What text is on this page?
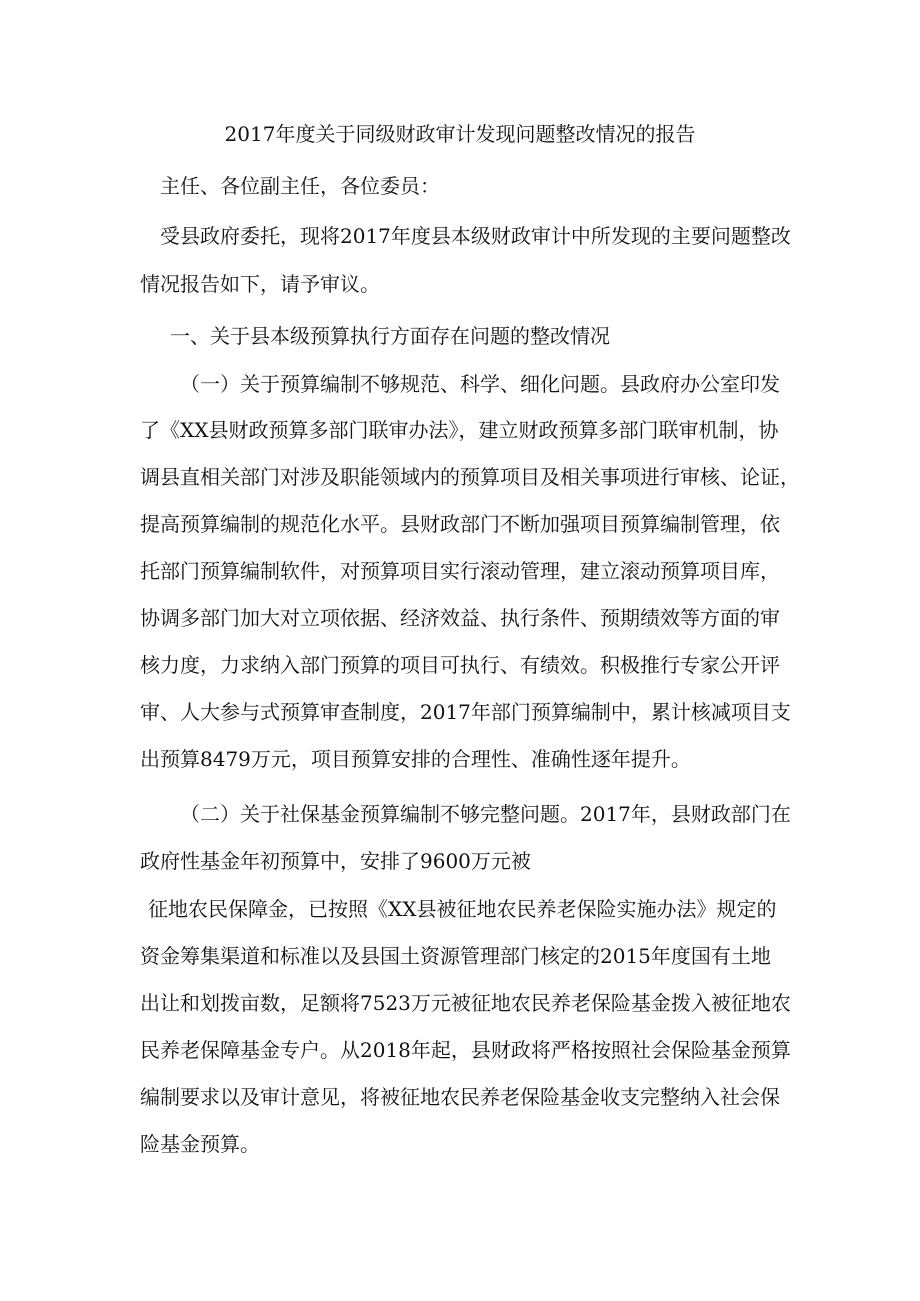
2017年度关于同级财政审计发现问题整改情况的报告
主任、各位副主任，各位委员：
受县政府委托，现将2017年度县本级财政审计中所发现的主要问题整改
情况报告如下，请予审议。
一、关于县本级预算执行方面存在问题的整改情况
（一）关于预算编制不够规范、科学、细化问题。县政府办公室印发
了《XX县财政预算多部门联审办法》，建立财政预算多部门联审机制，协
调县直相关部门对涉及职能领域内的预算项目及相关事项进行审核、论证，
提高预算编制的规范化水平。县财政部门不断加强项目预算编制管理，依
托部门预算编制软件，对预算项目实行滚动管理，建立滚动预算项目库，
协调多部门加大对立项依据、经济效益、执行条件、预期绩效等方面的审
核力度，力求纳入部门预算的项目可执行、有绩效。积极推行专家公开评
审、人大参与式预算审查制度，2017年部门预算编制中，累计核减项目支
出预算8479万元，项目预算安排的合理性、准确性逐年提升。
（二）关于社保基金预算编制不够完整问题。2017年，县财政部门在
政府性基金年初预算中，安排了9600万元被
征地农民保障金，已按照《XX县被征地农民养老保险实施办法》规定的
资金筹集渠道和标准以及县国土资源管理部门核定的2015年度国有土地
出让和划拨亩数，足额将7523万元被征地农民养老保险基金拨入被征地农
民养老保障基金专户。从2018年起，县财政将严格按照社会保险基金预算
编制要求以及审计意见，将被征地农民养老保险基金收支完整纳入社会保
险基金预算。
